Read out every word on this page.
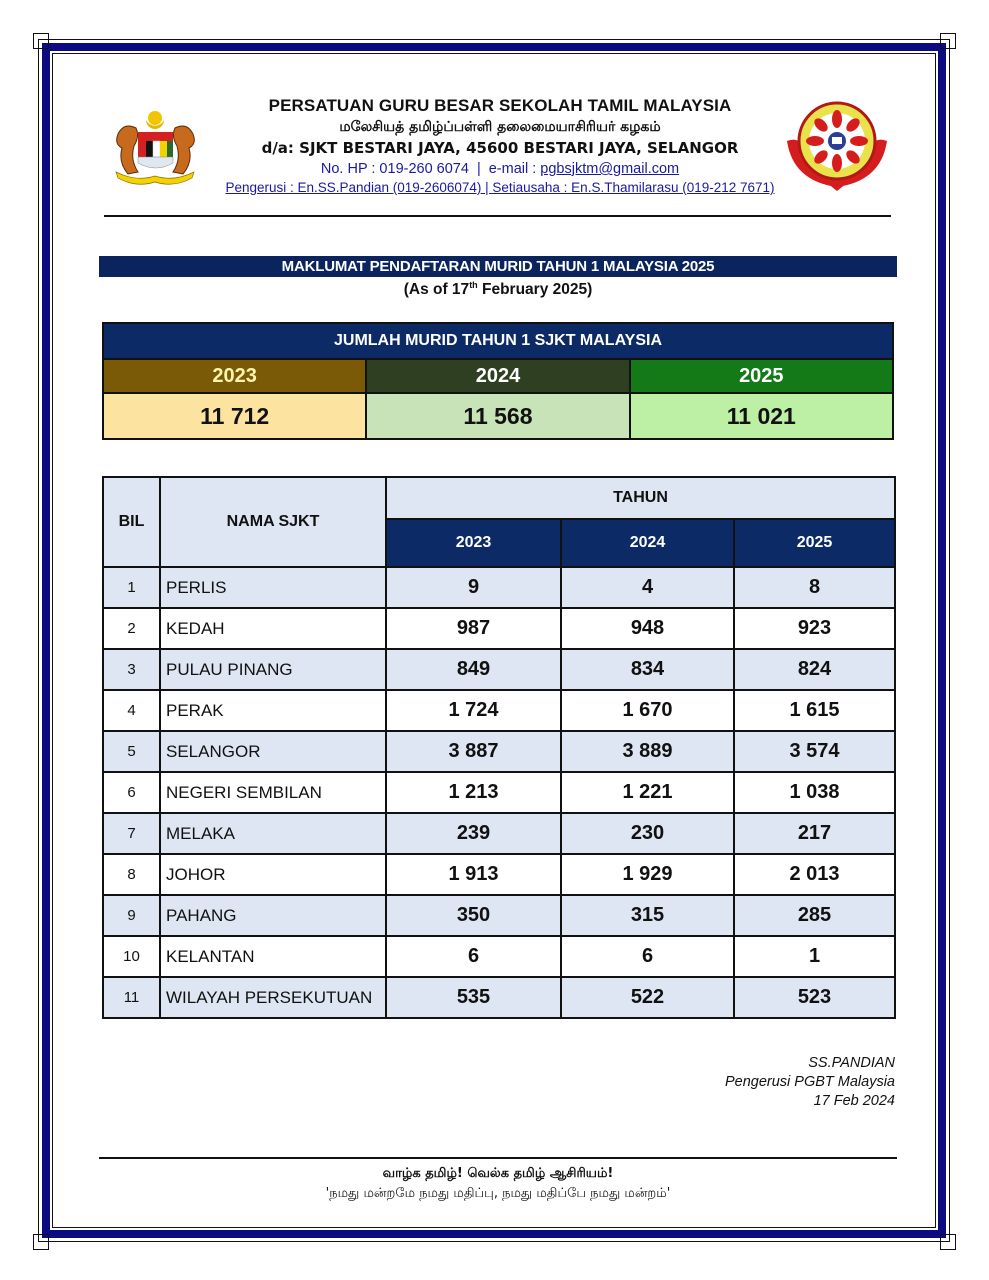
PERSATUAN GURU BESAR SEKOLAH TAMIL MALAYSIA
மலேசியத் தமிழ்ப்பள்ளி தலைமையாசிரியர் கழகம்
d/a: SJKT BESTARI JAYA, 45600 BESTARI JAYA, SELANGOR
No. HP : 019-260 6074 | e-mail : pgbsjktm@gmail.com
Pengerusi : En.SS.Pandian (019-2606074) | Setiausaha : En.S.Thamilarasu (019-212 7671)
MAKLUMAT PENDAFTARAN MURID TAHUN 1 MALAYSIA 2025
(As of 17th February 2025)
JUMLAH MURID TAHUN 1 SJKT MALAYSIA		
2023	2024	2025
11 712	11 568	11 021
BIL	NAMA SJKT	TAHUN		
		2023	2024	2025
1	PERLIS	9	4	8
2	KEDAH	987	948	923
3	PULAU PINANG	849	834	824
4	PERAK	1 724	1 670	1 615
5	SELANGOR	3 887	3 889	3 574
6	NEGERI SEMBILAN	1 213	1 221	1 038
7	MELAKA	239	230	217
8	JOHOR	1 913	1 929	2 013
9	PAHANG	350	315	285
10	KELANTAN	6	6	1
11	WILAYAH PERSEKUTUAN	535	522	523
SS.PANDIAN
Pengerusi PGBT Malaysia
17 Feb 2024
வாழ்க தமிழ்! வெல்க தமிழ் ஆசிரியம்!
'நமது மன்றமே நமது மதிப்பு, நமது மதிப்பே நமது மன்றம்'
